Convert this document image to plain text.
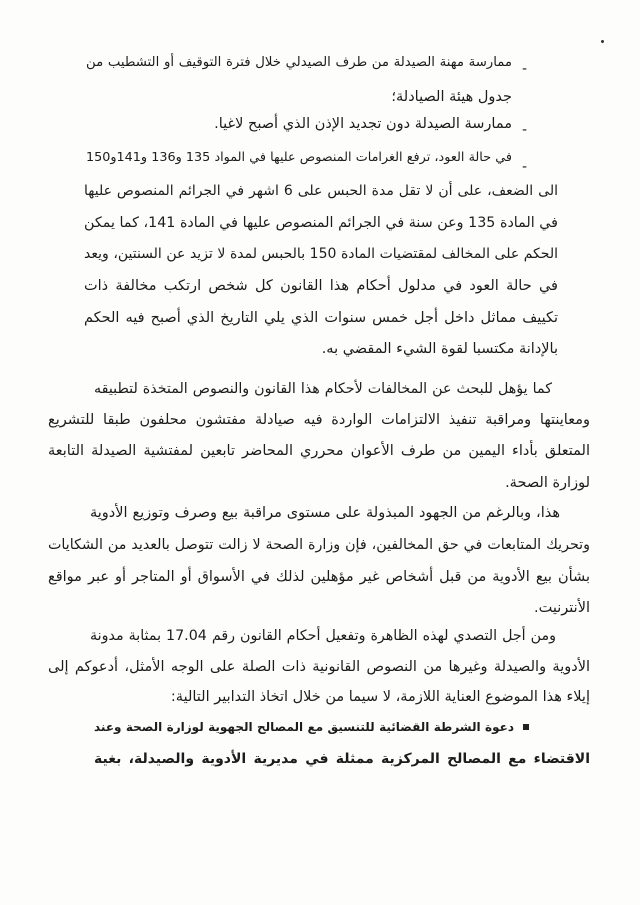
-
ممارسة مهنة الصيدلة من طرف الصيدلي خلال فترة التوقيف أو التشطيب من
جدول هيئة الصيادلة؛
-
ممارسة الصيدلة دون تجديد الإذن الذي أصبح لاغيا.
-
في حالة العود، ترفع الغرامات المنصوص عليها في المواد 135 و136 و141و150
الى الضعف، على أن لا تقل مدة الحبس على 6 اشهر في الجرائم المنصوص عليها
في المادة 135 وعن سنة في الجرائم المنصوص عليها في المادة 141، كما يمكن
الحكم على المخالف لمقتضيات المادة 150 بالحبس لمدة لا تزيد عن السنتين، ويعد
في حالة العود في مدلول أحكام هذا القانون كل شخص ارتكب مخالفة ذات
تكييف مماثل داخل أجل خمس سنوات الذي يلي التاريخ الذي أصبح فيه الحكم
بالإدانة مكتسبا لقوة الشيء المقضي به.
كما يؤهل للبحث عن المخالفات لأحكام هذا القانون والنصوص المتخذة لتطبيقه
ومعاينتها ومراقبة تنفيذ الالتزامات الواردة فيه صيادلة مفتشون محلفون طبقا للتشريع
المتعلق بأداء اليمين من طرف الأعوان محرري المحاضر تابعين لمفتشية الصيدلة التابعة
لوزارة الصحة.
هذا، وبالرغم من الجهود المبذولة على مستوى مراقبة بيع وصرف وتوزيع الأدوية
وتحريك المتابعات في حق المخالفين، فإن وزارة الصحة لا زالت تتوصل بالعديد من الشكايات
بشأن بيع الأدوية من قبل أشخاص غير مؤهلين لذلك في الأسواق أو المتاجر أو عبر مواقع
الأنترنيت.
ومن أجل التصدي لهذه الظاهرة وتفعيل أحكام القانون رقم 17.04 بمثابة مدونة
الأدوية والصيدلة وغيرها من النصوص القانونية ذات الصلة على الوجه الأمثل، أدعوكم إلى
إيلاء هذا الموضوع العناية اللازمة، لا سيما من خلال اتخاذ التدابير التالية:
دعوة الشرطة القضائية للتنسيق مع المصالح الجهوية لوزارة الصحة وعند
الاقتضاء مع المصالح المركزية ممثلة في مديرية الأدوية والصيدلة، بغية
